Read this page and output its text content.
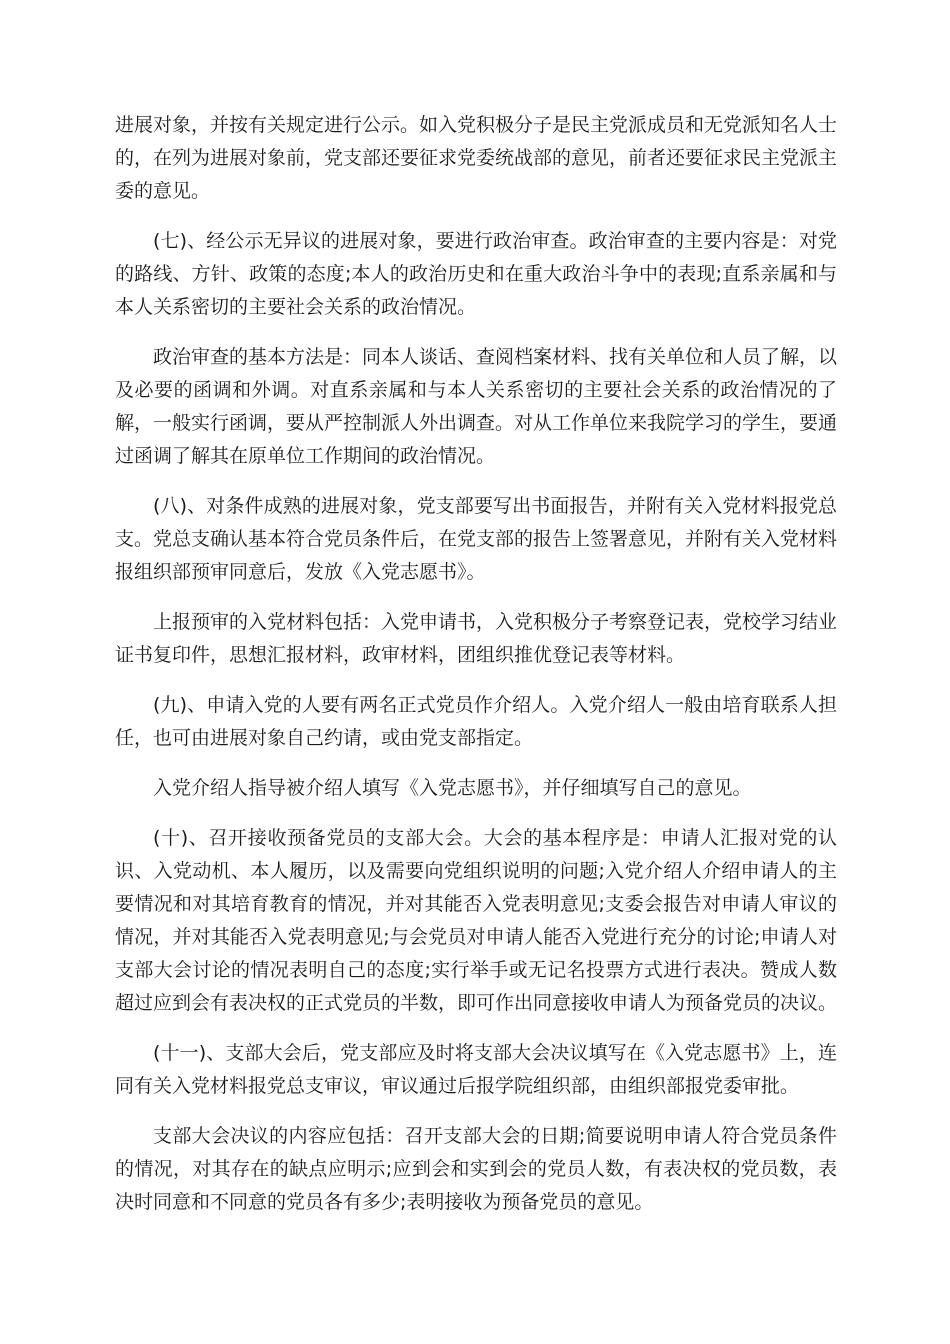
进展对象，并按有关规定进行公示。如入党积极分子是民主党派成员和无党派知名人士的，在列为进展对象前，党支部还要征求党委统战部的意见，前者还要征求民主党派主委的意见。

(七)、经公示无异议的进展对象，要进行政治审查。政治审查的主要内容是：对党的路线、方针、政策的态度;本人的政治历史和在重大政治斗争中的表现;直系亲属和与本人关系密切的主要社会关系的政治情况。

政治审查的基本方法是：同本人谈话、查阅档案材料、找有关单位和人员了解，以及必要的函调和外调。对直系亲属和与本人关系密切的主要社会关系的政治情况的了解，一般实行函调，要从严控制派人外出调查。对从工作单位来我院学习的学生，要通过函调了解其在原单位工作期间的政治情况。

(八)、对条件成熟的进展对象，党支部要写出书面报告，并附有关入党材料报党总支。党总支确认基本符合党员条件后，在党支部的报告上签署意见，并附有关入党材料报组织部预审同意后，发放《入党志愿书》。

上报预审的入党材料包括：入党申请书，入党积极分子考察登记表，党校学习结业证书复印件，思想汇报材料，政审材料，团组织推优登记表等材料。

(九)、申请入党的人要有两名正式党员作介绍人。入党介绍人一般由培育联系人担任，也可由进展对象自己约请，或由党支部指定。

入党介绍人指导被介绍人填写《入党志愿书》，并仔细填写自己的意见。

(十)、召开接收预备党员的支部大会。大会的基本程序是：申请人汇报对党的认识、入党动机、本人履历，以及需要向党组织说明的问题;入党介绍人介绍申请人的主要情况和对其培育教育的情况，并对其能否入党表明意见;支委会报告对申请人审议的情况，并对其能否入党表明意见;与会党员对申请人能否入党进行充分的讨论;申请人对支部大会讨论的情况表明自己的态度;实行举手或无记名投票方式进行表决。赞成人数超过应到会有表决权的正式党员的半数，即可作出同意接收申请人为预备党员的决议。

(十一)、支部大会后，党支部应及时将支部大会决议填写在《入党志愿书》上，连同有关入党材料报党总支审议，审议通过后报学院组织部，由组织部报党委审批。

支部大会决议的内容应包括：召开支部大会的日期;简要说明申请人符合党员条件的情况，对其存在的缺点应明示;应到会和实到会的党员人数，有表决权的党员数，表决时同意和不同意的党员各有多少;表明接收为预备党员的意见。
